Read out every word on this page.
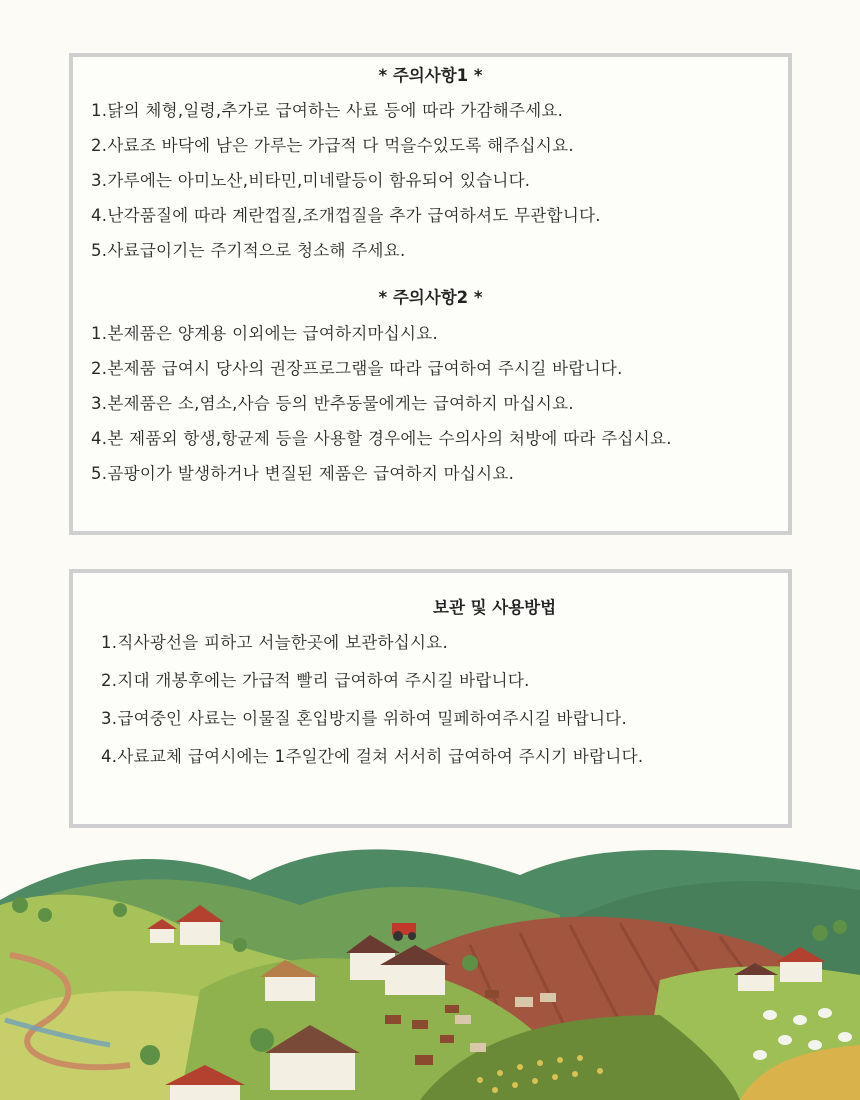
* 주의사항1 *
1.닭의 체형,일령,추가로 급여하는 사료 등에 따라 가감해주세요.
2.사료조 바닥에 남은 가루는 가급적 다 먹을수있도록 해주십시요.
3.가루에는 아미노산,비타민,미네랄등이 함유되어 있습니다.
4.난각품질에 따라 계란껍질,조개껍질을 추가 급여하셔도 무관합니다.
5.사료급이기는 주기적으로 청소해 주세요.
* 주의사항2 *
1.본제품은 양계용 이외에는 급여하지마십시요.
2.본제품 급여시 당사의 권장프로그램을 따라 급여하여 주시길 바랍니다.
3.본제품은 소,염소,사슴 등의 반추동물에게는 급여하지 마십시요.
4.본 제품외 항생,항균제 등을 사용할 경우에는 수의사의 처방에 따라 주십시요.
5.곰팡이가 발생하거나 변질된 제품은 급여하지 마십시요.
보관 및 사용방법
1.직사광선을 피하고 서늘한곳에 보관하십시요.
2.지대 개봉후에는 가급적 빨리 급여하여 주시길 바랍니다.
3.급여중인 사료는 이물질 혼입방지를 위하여 밀페하여주시길 바랍니다.
4.사료교체 급여시에는 1주일간에 걸쳐 서서히 급여하여 주시기 바랍니다.
